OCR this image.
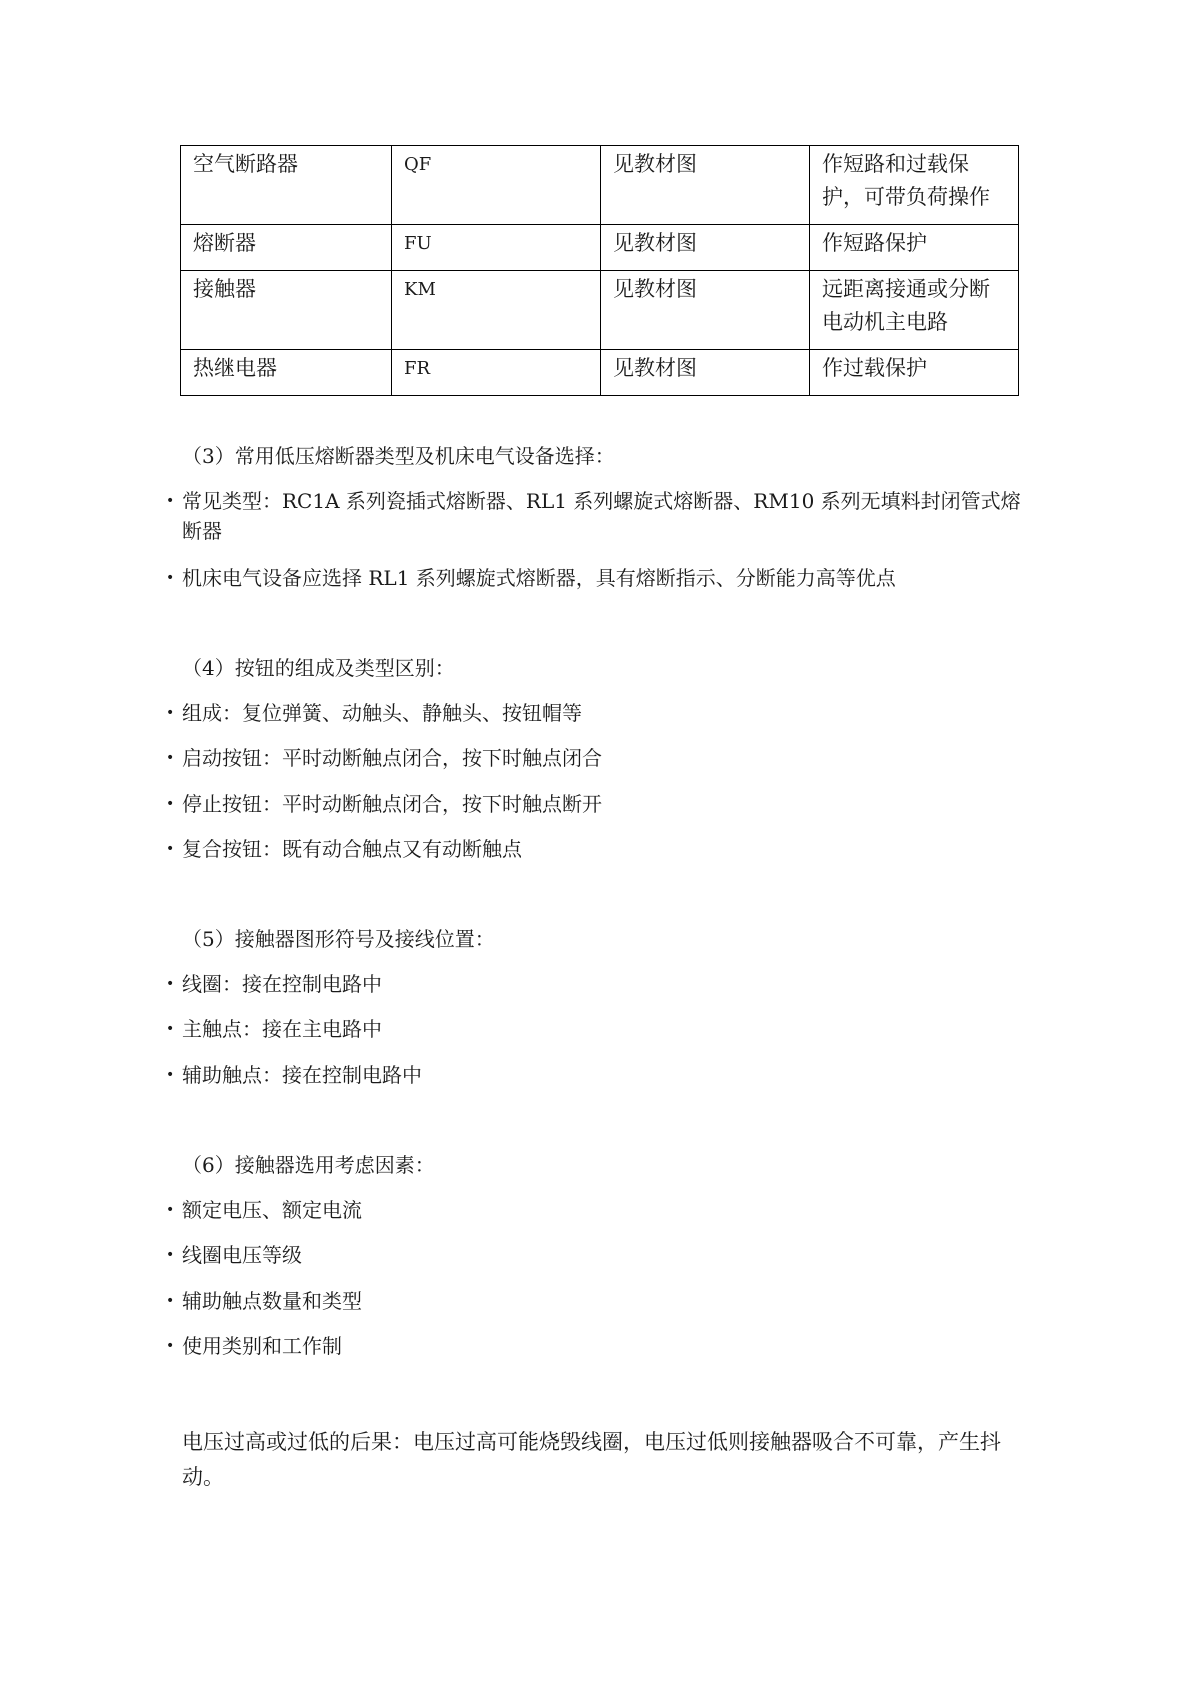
空气断路器	QF	见教材图	作短路和过载保护，可带负荷操作
熔断器	FU	见教材图	作短路保护
接触器	KM	见教材图	远距离接通或分断电动机主电路
热继电器	FR	见教材图	作过载保护
（3）常用低压熔断器类型及机床电气设备选择：
• 常见类型：RC1A 系列瓷插式熔断器、RL1 系列螺旋式熔断器、RM10 系列无填料封闭管式熔断器
• 机床电气设备应选择 RL1 系列螺旋式熔断器，具有熔断指示、分断能力高等优点
（4）按钮的组成及类型区别：
• 组成：复位弹簧、动触头、静触头、按钮帽等
• 启动按钮：平时动断触点闭合，按下时触点闭合
• 停止按钮：平时动断触点闭合，按下时触点断开
• 复合按钮：既有动合触点又有动断触点
（5）接触器图形符号及接线位置：
• 线圈：接在控制电路中
• 主触点：接在主电路中
• 辅助触点：接在控制电路中
（6）接触器选用考虑因素：
• 额定电压、额定电流
• 线圈电压等级
• 辅助触点数量和类型
• 使用类别和工作制
电压过高或过低的后果：电压过高可能烧毁线圈，电压过低则接触器吸合不可靠，产生抖动。
